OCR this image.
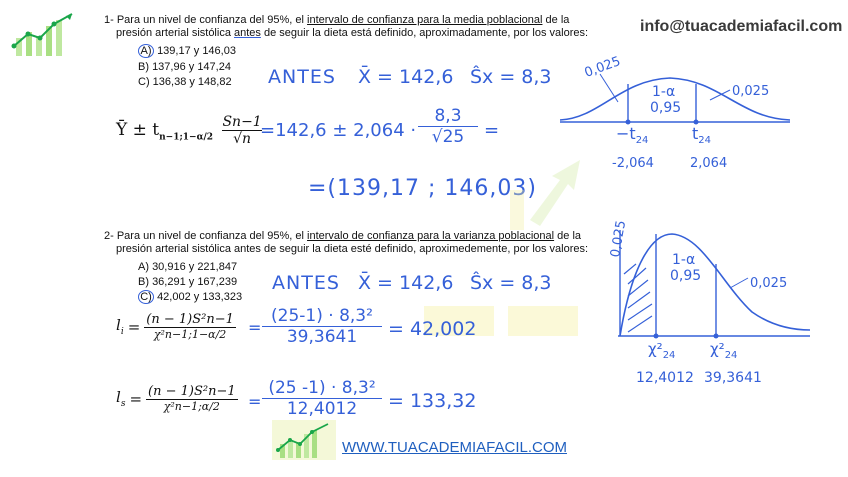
info@tuacademiafacil.com
1- Para un nivel de confianza del 95%, el intervalo de confianza para la media poblacional de la
presión arterial sistólica antes de seguir la dieta está definido, aproximadamente, por los valores:
A) 139,17 y 146,03
B) 137,96 y 147,24
C) 136,38 y 148,82 ANTES X̄ = 142,6 Ŝx = 8,3
Ȳ ± $t_{n-1;1-\alpha/2} \frac{Sn-1}{√n}$
$=142,6 \pm 2,064 \cdot \frac{8,3}{√25}$ =
=(139,17 ; 146,03)
0,025
1-α
0,95
0,025
$-t_{24}$	$t_{24}$
-2,064	2,064
2- Para un nivel de confianza del 95%, el intervalo de confianza para la varianza poblacional de la
presión arterial sistólica antes de seguir la dieta esté definido, aproximedemente, por los valores:
A) 30,916 y 221,847
B) 36,291 y 167,239
C) 42,002 y 133,323
ANTES X̄ = 142,6 Ŝx = 8,3
$l_i = (n - 1)S^2n-1$
χ²n−1;1−α/2	= $\frac{\text{(25-1) · 8,3²}}{39,3641} = 42,002$
$l_s = (n - 1)S^2n-1$
χ²n−1;α/2	= $\frac{\text{(25 -1) · 8,3²}}{12,4012} = 133,32$
0,025
1-α
0,95	0,025
$\chi^2_{24}$ $\chi^2_{24}$
12,4012 39,3641
WWW.TUACADEMIAFACIL.COM
